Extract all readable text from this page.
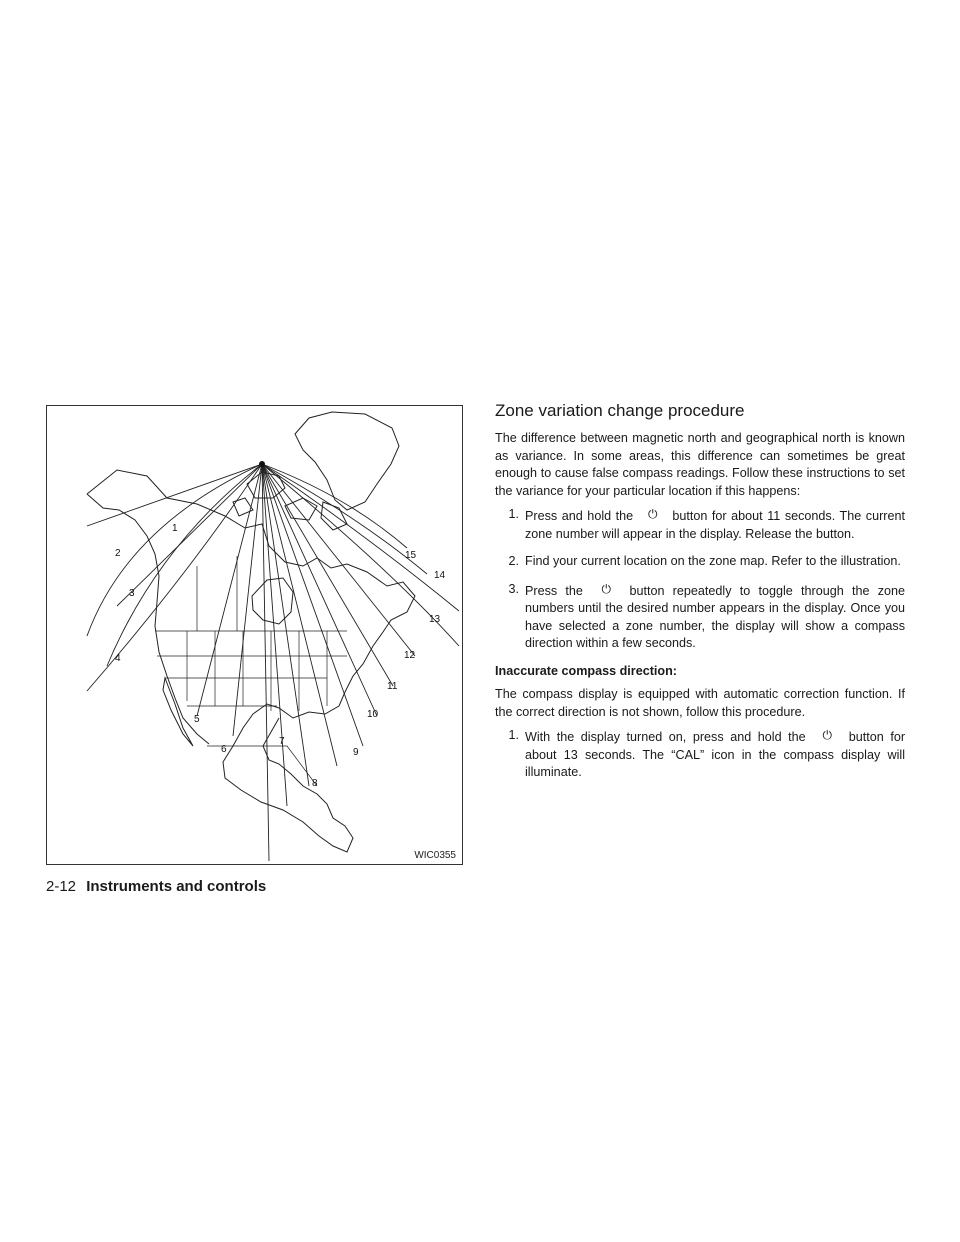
1
2
3
4
5
6
7
8
9
10
11
12
13
14
15
WIC0355
2-12 Instruments and controls
Zone variation change procedure

The difference between magnetic north and geographical north is known as variance. In some areas, this difference can sometimes be great enough to cause false compass readings. Follow these instructions to set the variance for your particular location if this happens:

1. Press and hold the ⏻ button for about 11 seconds. The current zone number will appear in the display. Release the button.
2. Find your current location on the zone map. Refer to the illustration.
3. Press the ⏻ button repeatedly to toggle through the zone numbers until the desired number appears in the display. Once you have selected a zone number, the display will show a compass direction within a few seconds.
Inaccurate compass direction:

The compass display is equipped with automatic correction function. If the correct direction is not shown, follow this procedure.

1. With the display turned on, press and hold the ⏻ button for about 13 seconds. The “CAL” icon in the compass display will illuminate.
